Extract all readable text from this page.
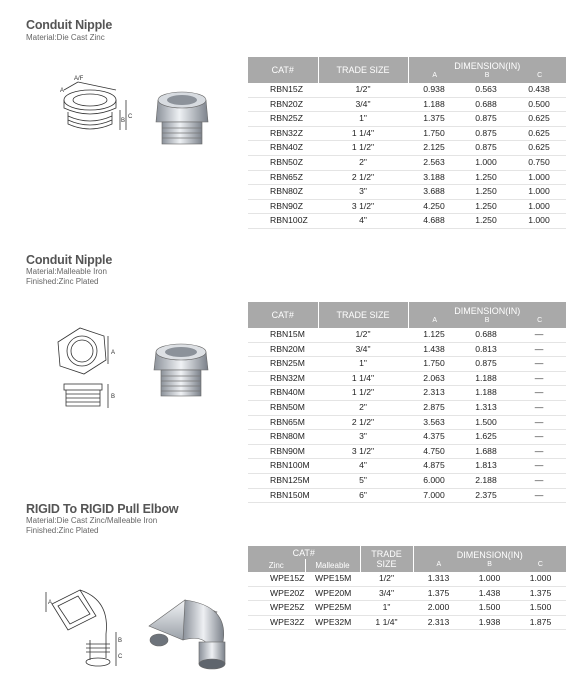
Conduit Nipple
Material:Die Cast Zinc
A/F
A
B
C
CAT#	TRADE SIZE	DIMENSION(IN)
A B C		

RBN15Z	1/2"	0.938	0.563	0.438
RBN20Z	3/4"	1.188	0.688	0.500
RBN25Z	1"	1.375	0.875	0.625
RBN32Z	1 1/4"	1.750	0.875	0.625
RBN40Z	1 1/2"	2.125	0.875	0.625
RBN50Z	2"	2.563	1.000	0.750
RBN65Z	2 1/2"	3.188	1.250	1.000
RBN80Z	3"	3.688	1.250	1.000
RBN90Z	3 1/2"	4.250	1.250	1.000
RBN100Z	4"	4.688	1.250	1.000
Conduit Nipple
Material:Malleable Iron
Finished:Zinc Plated
A
B
CAT#	TRADE SIZE	DIMENSION(IN)
A B C		

RBN15M	1/2"	1.125	0.688	—
RBN20M	3/4"	1.438	0.813	—
RBN25M	1"	1.750	0.875	—
RBN32M	1 1/4"	2.063	1.188	—
RBN40M	1 1/2"	2.313	1.188	—
RBN50M	2"	2.875	1.313	—
RBN65M	2 1/2"	3.563	1.500	—
RBN80M	3"	4.375	1.625	—
RBN90M	3 1/2"	4.750	1.688	—
RBN100M	4"	4.875	1.813	—
RBN125M	5"	6.000	2.188	—
RBN150M	6"	7.000	2.375	—
RIGID To RIGID Pull Elbow
Material:Die Cast Zinc/Malleable Iron
Finished:Zinc Plated
A
B
C
CAT#		TRADE SIZE	DIMENSION(IN)
A B C		

Zinc	Malleable				
WPE15Z	WPE15M	1/2"	1.313	1.000	1.000
WPE20Z	WPE20M	3/4"	1.375	1.438	1.375
WPE25Z	WPE25M	1"	2.000	1.500	1.500
WPE32Z	WPE32M	1 1/4"	2.313	1.938	1.875
